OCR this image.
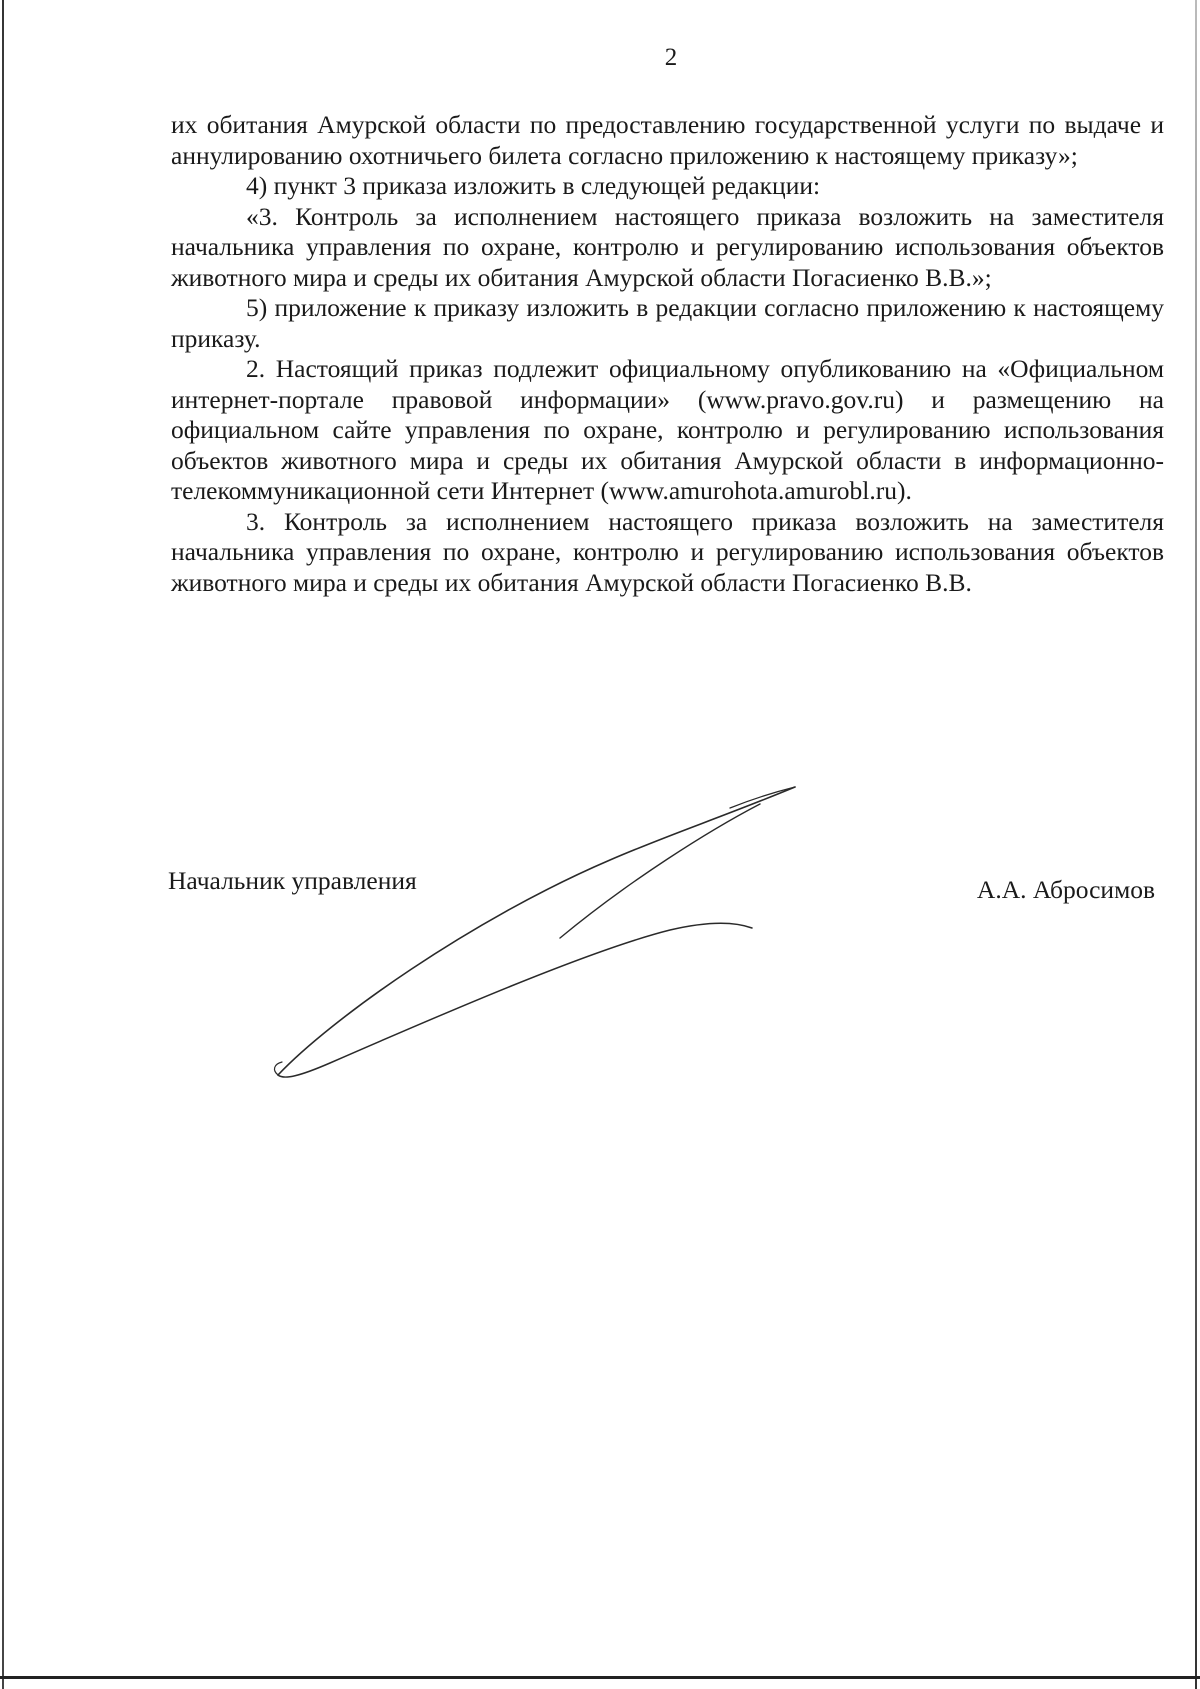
2

их обитания Амурской области по предоставлению государственной услуги по выдаче и аннулированию охотничьего билета согласно приложению к настоящему приказу»;

4) пункт 3 приказа изложить в следующей редакции:

«3. Контроль за исполнением настоящего приказа возложить на заместителя начальника управления по охране, контролю и регулированию использования объектов животного мира и среды их обитания Амурской области Погасиенко В.В.»;

5) приложение к приказу изложить в редакции согласно приложению к настоящему приказу.

2. Настоящий приказ подлежит официальному опубликованию на «Официальном интернет-портале правовой информации» (www.pravo.gov.ru) и размещению на официальном сайте управления по охране, контролю и регулированию использования объектов животного мира и среды их обитания Амурской области в информационно-телекоммуникационной сети Интернет (www.amurohota.amurobl.ru).

3. Контроль за исполнением настоящего приказа возложить на заместителя начальника управления по охране, контролю и регулированию использования объектов животного мира и среды их обитания Амурской области Погасиенко В.В.

Начальник управления	А.А. Абросимов
